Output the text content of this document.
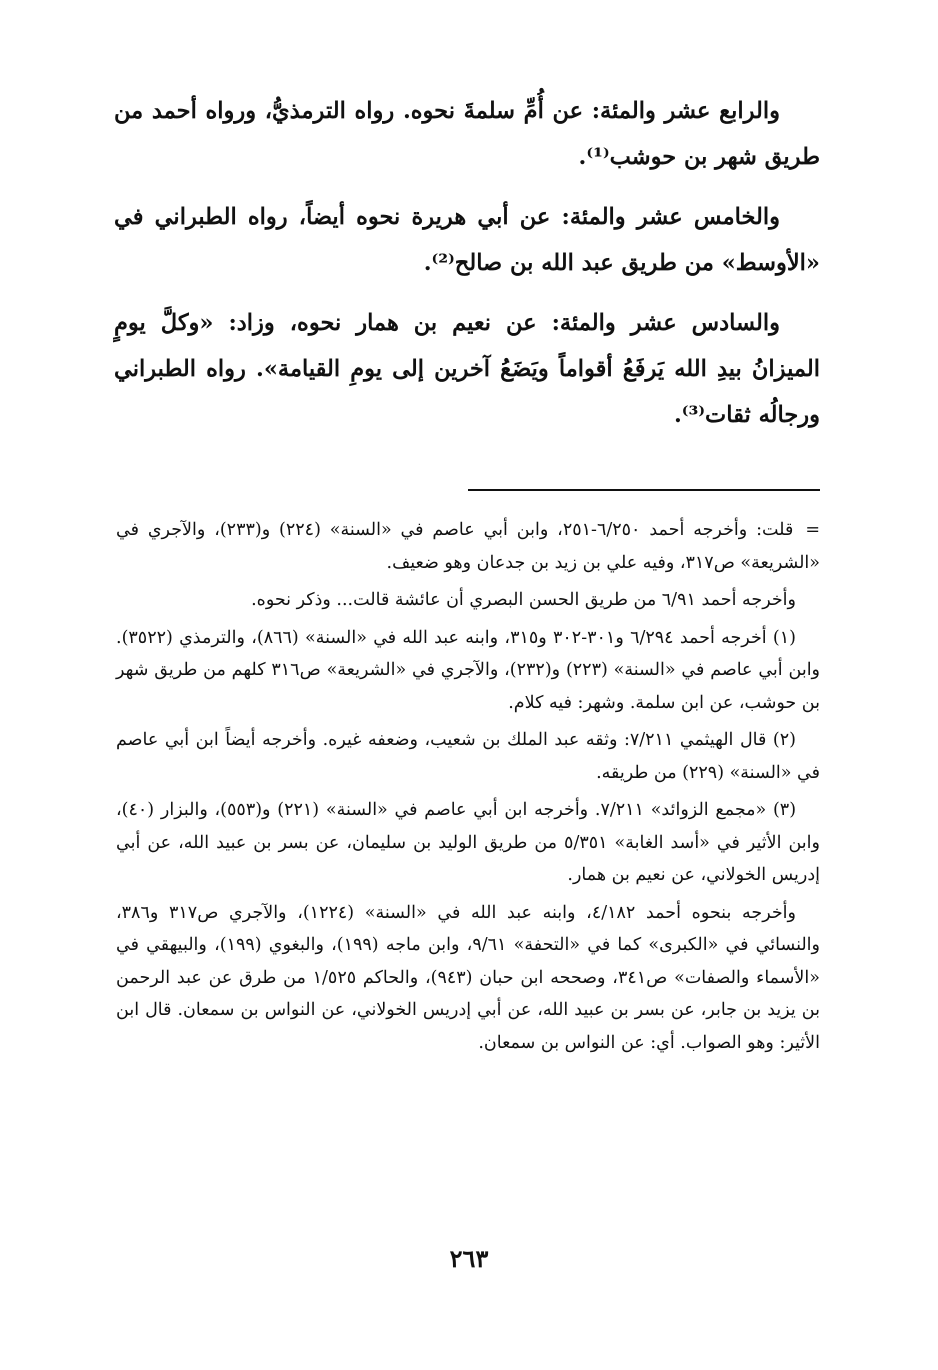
والرابع عشر والمئة: عن أُمِّ سلمةَ نحوه. رواه الترمذيُّ، ورواه أحمد من طريق شهر بن حوشب⁽¹⁾.

والخامس عشر والمئة: عن أبي هريرة نحوه أيضاً، رواه الطبراني في «الأوسط» من طريق عبد الله بن صالح⁽²⁾.

والسادس عشر والمئة: عن نعيم بن همار نحوه، وزاد: «وكلَّ يومٍ الميزانُ بيدِ الله يَرفَعُ أقواماً ويَضَعُ آخرين إلى يومِ القيامة». رواه الطبراني ورجالُه ثقات⁽³⁾.

=قلت: وأخرجه أحمد ٦/٢٥٠-٢٥١، وابن أبي عاصم في «السنة» (٢٢٤) و(٢٣٣)، والآجري في «الشريعة» ص٣١٧، وفيه علي بن زيد بن جدعان وهو ضعيف.

وأخرجه أحمد ٦/٩١ من طريق الحسن البصري أن عائشة قالت... وذكر نحوه.

(١) أخرجه أحمد ٦/٢٩٤ و٣٠١-٣٠٢ و٣١٥، وابنه عبد الله في «السنة» (٨٦٦)، والترمذي (٣٥٢٢). وابن أبي عاصم في «السنة» (٢٢٣) و(٢٣٢)، والآجري في «الشريعة» ص٣١٦ كلهم من طريق شهر بن حوشب، عن ابن سلمة. وشهر: فيه كلام.

(٢) قال الهيثمي ٧/٢١١: وثقه عبد الملك بن شعيب، وضعفه غيره. وأخرجه أيضاً ابن أبي عاصم في «السنة» (٢٢٩) من طريقه.

(٣) «مجمع الزوائد» ٧/٢١١. وأخرجه ابن أبي عاصم في «السنة» (٢٢١) و(٥٥٣)، والبزار (٤٠)، وابن الأثير في «أسد الغابة» ٥/٣٥١ من طريق الوليد بن سليمان، عن بسر بن عبيد الله، عن أبي إدريس الخولاني، عن نعيم بن همار.

وأخرجه بنحوه أحمد ٤/١٨٢، وابنه عبد الله في «السنة» (١٢٢٤)، والآجري ص٣١٧ و٣٨٦، والنسائي في «الكبرى» كما في «التحفة» ٩/٦١، وابن ماجه (١٩٩)، والبغوي (١٩٩)، والبيهقي في «الأسماء والصفات» ص٣٤١، وصححه ابن حبان (٩٤٣)، والحاكم ١/٥٢٥ من طرق عن عبد الرحمن بن يزيد بن جابر، عن بسر بن عبيد الله، عن أبي إدريس الخولاني، عن النواس بن سمعان. قال ابن الأثير: وهو الصواب. أي: عن النواس بن سمعان.

٢٦٣
